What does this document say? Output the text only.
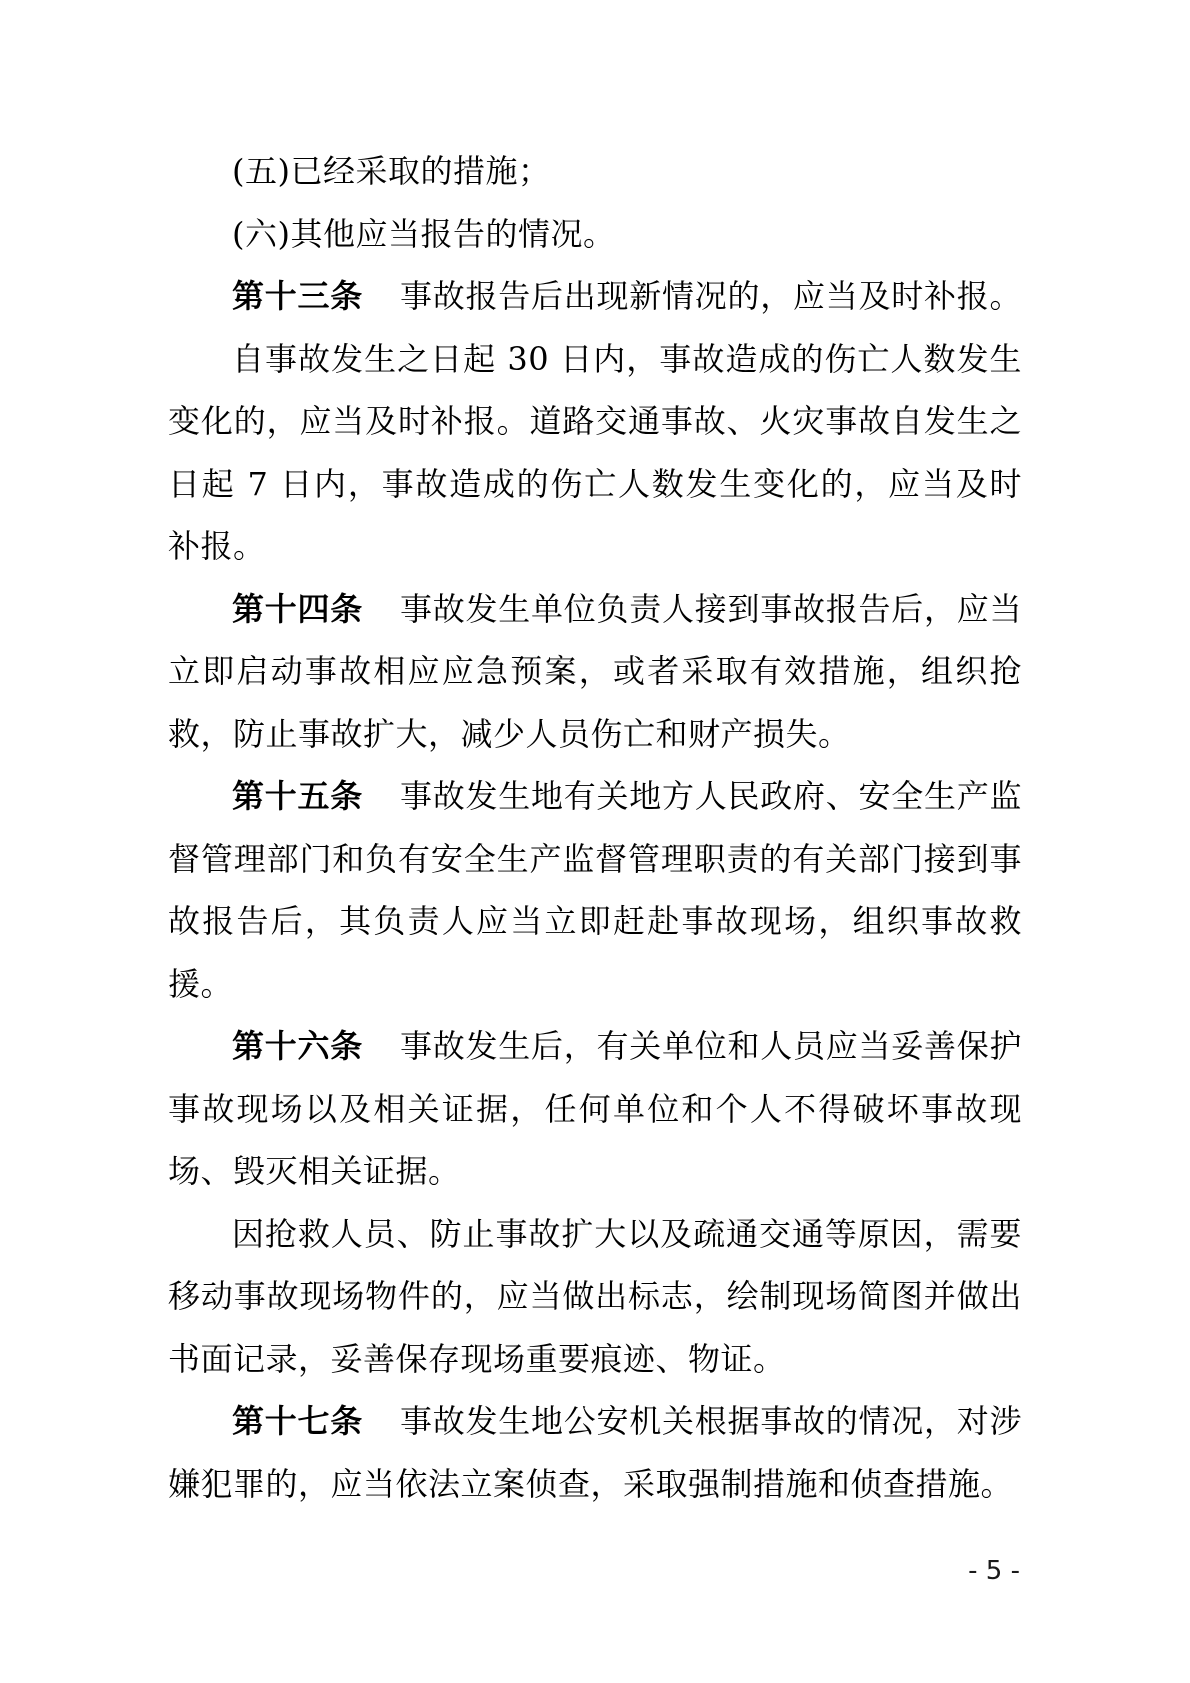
(五)已经采取的措施；

(六)其他应当报告的情况。

第十三条 事故报告后出现新情况的，应当及时补报。

自事故发生之日起 30 日内，事故造成的伤亡人数发生变化的，应当及时补报。道路交通事故、火灾事故自发生之日起 7 日内，事故造成的伤亡人数发生变化的，应当及时补报。

第十四条 事故发生单位负责人接到事故报告后，应当立即启动事故相应应急预案，或者采取有效措施，组织抢救，防止事故扩大，减少人员伤亡和财产损失。

第十五条 事故发生地有关地方人民政府、安全生产监督管理部门和负有安全生产监督管理职责的有关部门接到事故报告后，其负责人应当立即赶赴事故现场，组织事故救援。

第十六条 事故发生后，有关单位和人员应当妥善保护事故现场以及相关证据，任何单位和个人不得破坏事故现场、毁灭相关证据。

因抢救人员、防止事故扩大以及疏通交通等原因，需要移动事故现场物件的，应当做出标志，绘制现场简图并做出书面记录，妥善保存现场重要痕迹、物证。

第十七条 事故发生地公安机关根据事故的情况，对涉嫌犯罪的，应当依法立案侦查，采取强制措施和侦查措施。

- 5 -
